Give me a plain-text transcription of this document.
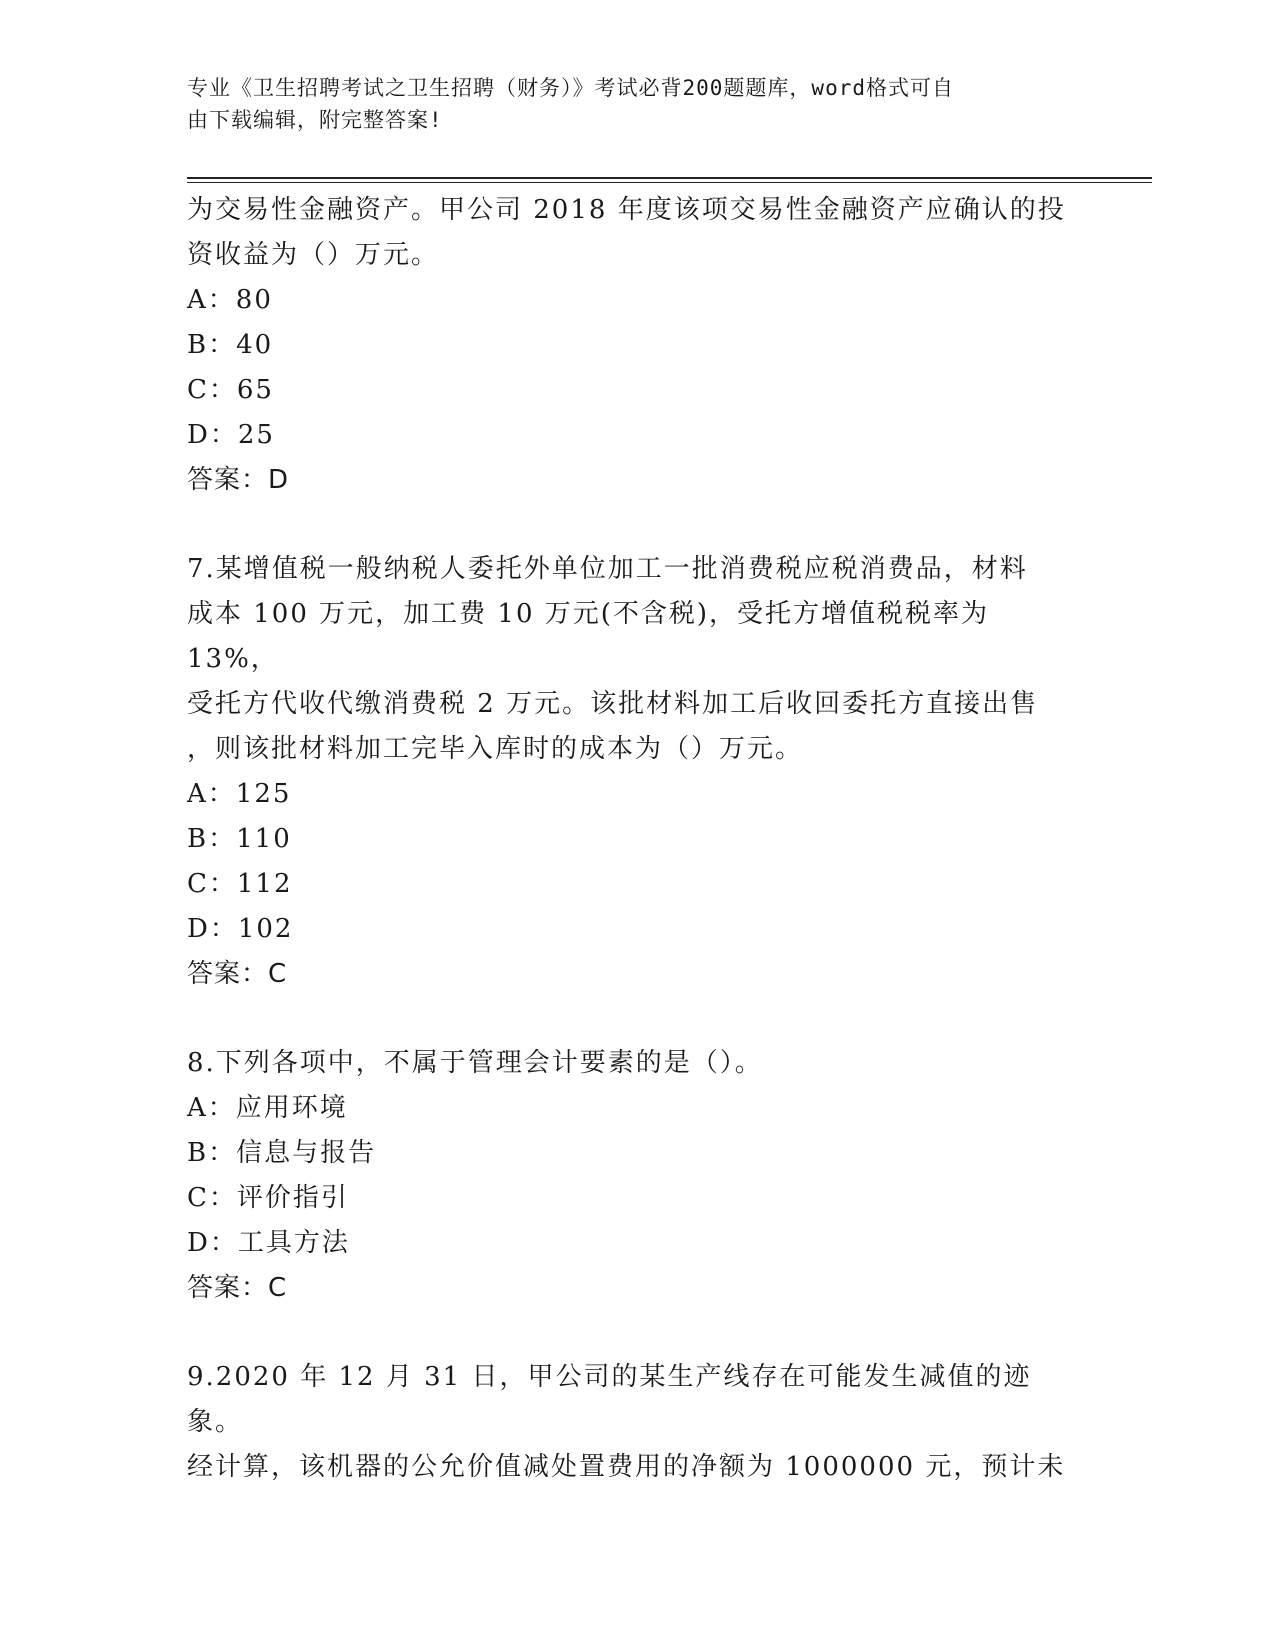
专业《卫生招聘考试之卫生招聘（财务）》考试必背200题题库，word格式可自
由下载编辑，附完整答案!

为交易性金融资产。甲公司 2018 年度该项交易性金融资产应确认的投

资收益为（）万元。

A：80

B：40

C：65

D：25

答案：D

7.某增值税一般纳税人委托外单位加工一批消费税应税消费品，材料

成本 100 万元，加工费 10 万元(不含税)，受托方增值税税率为 13%，

受托方代收代缴消费税 2 万元。该批材料加工后收回委托方直接出售

，则该批材料加工完毕入库时的成本为（）万元。

A：125

B：110

C：112

D：102

答案：C

8.下列各项中，不属于管理会计要素的是（）。

A：应用环境

B：信息与报告

C：评价指引

D：工具方法

答案：C

9.2020 年 12 月 31 日，甲公司的某生产线存在可能发生减值的迹象。

经计算，该机器的公允价值减处置费用的净额为 1000000 元，预计未
